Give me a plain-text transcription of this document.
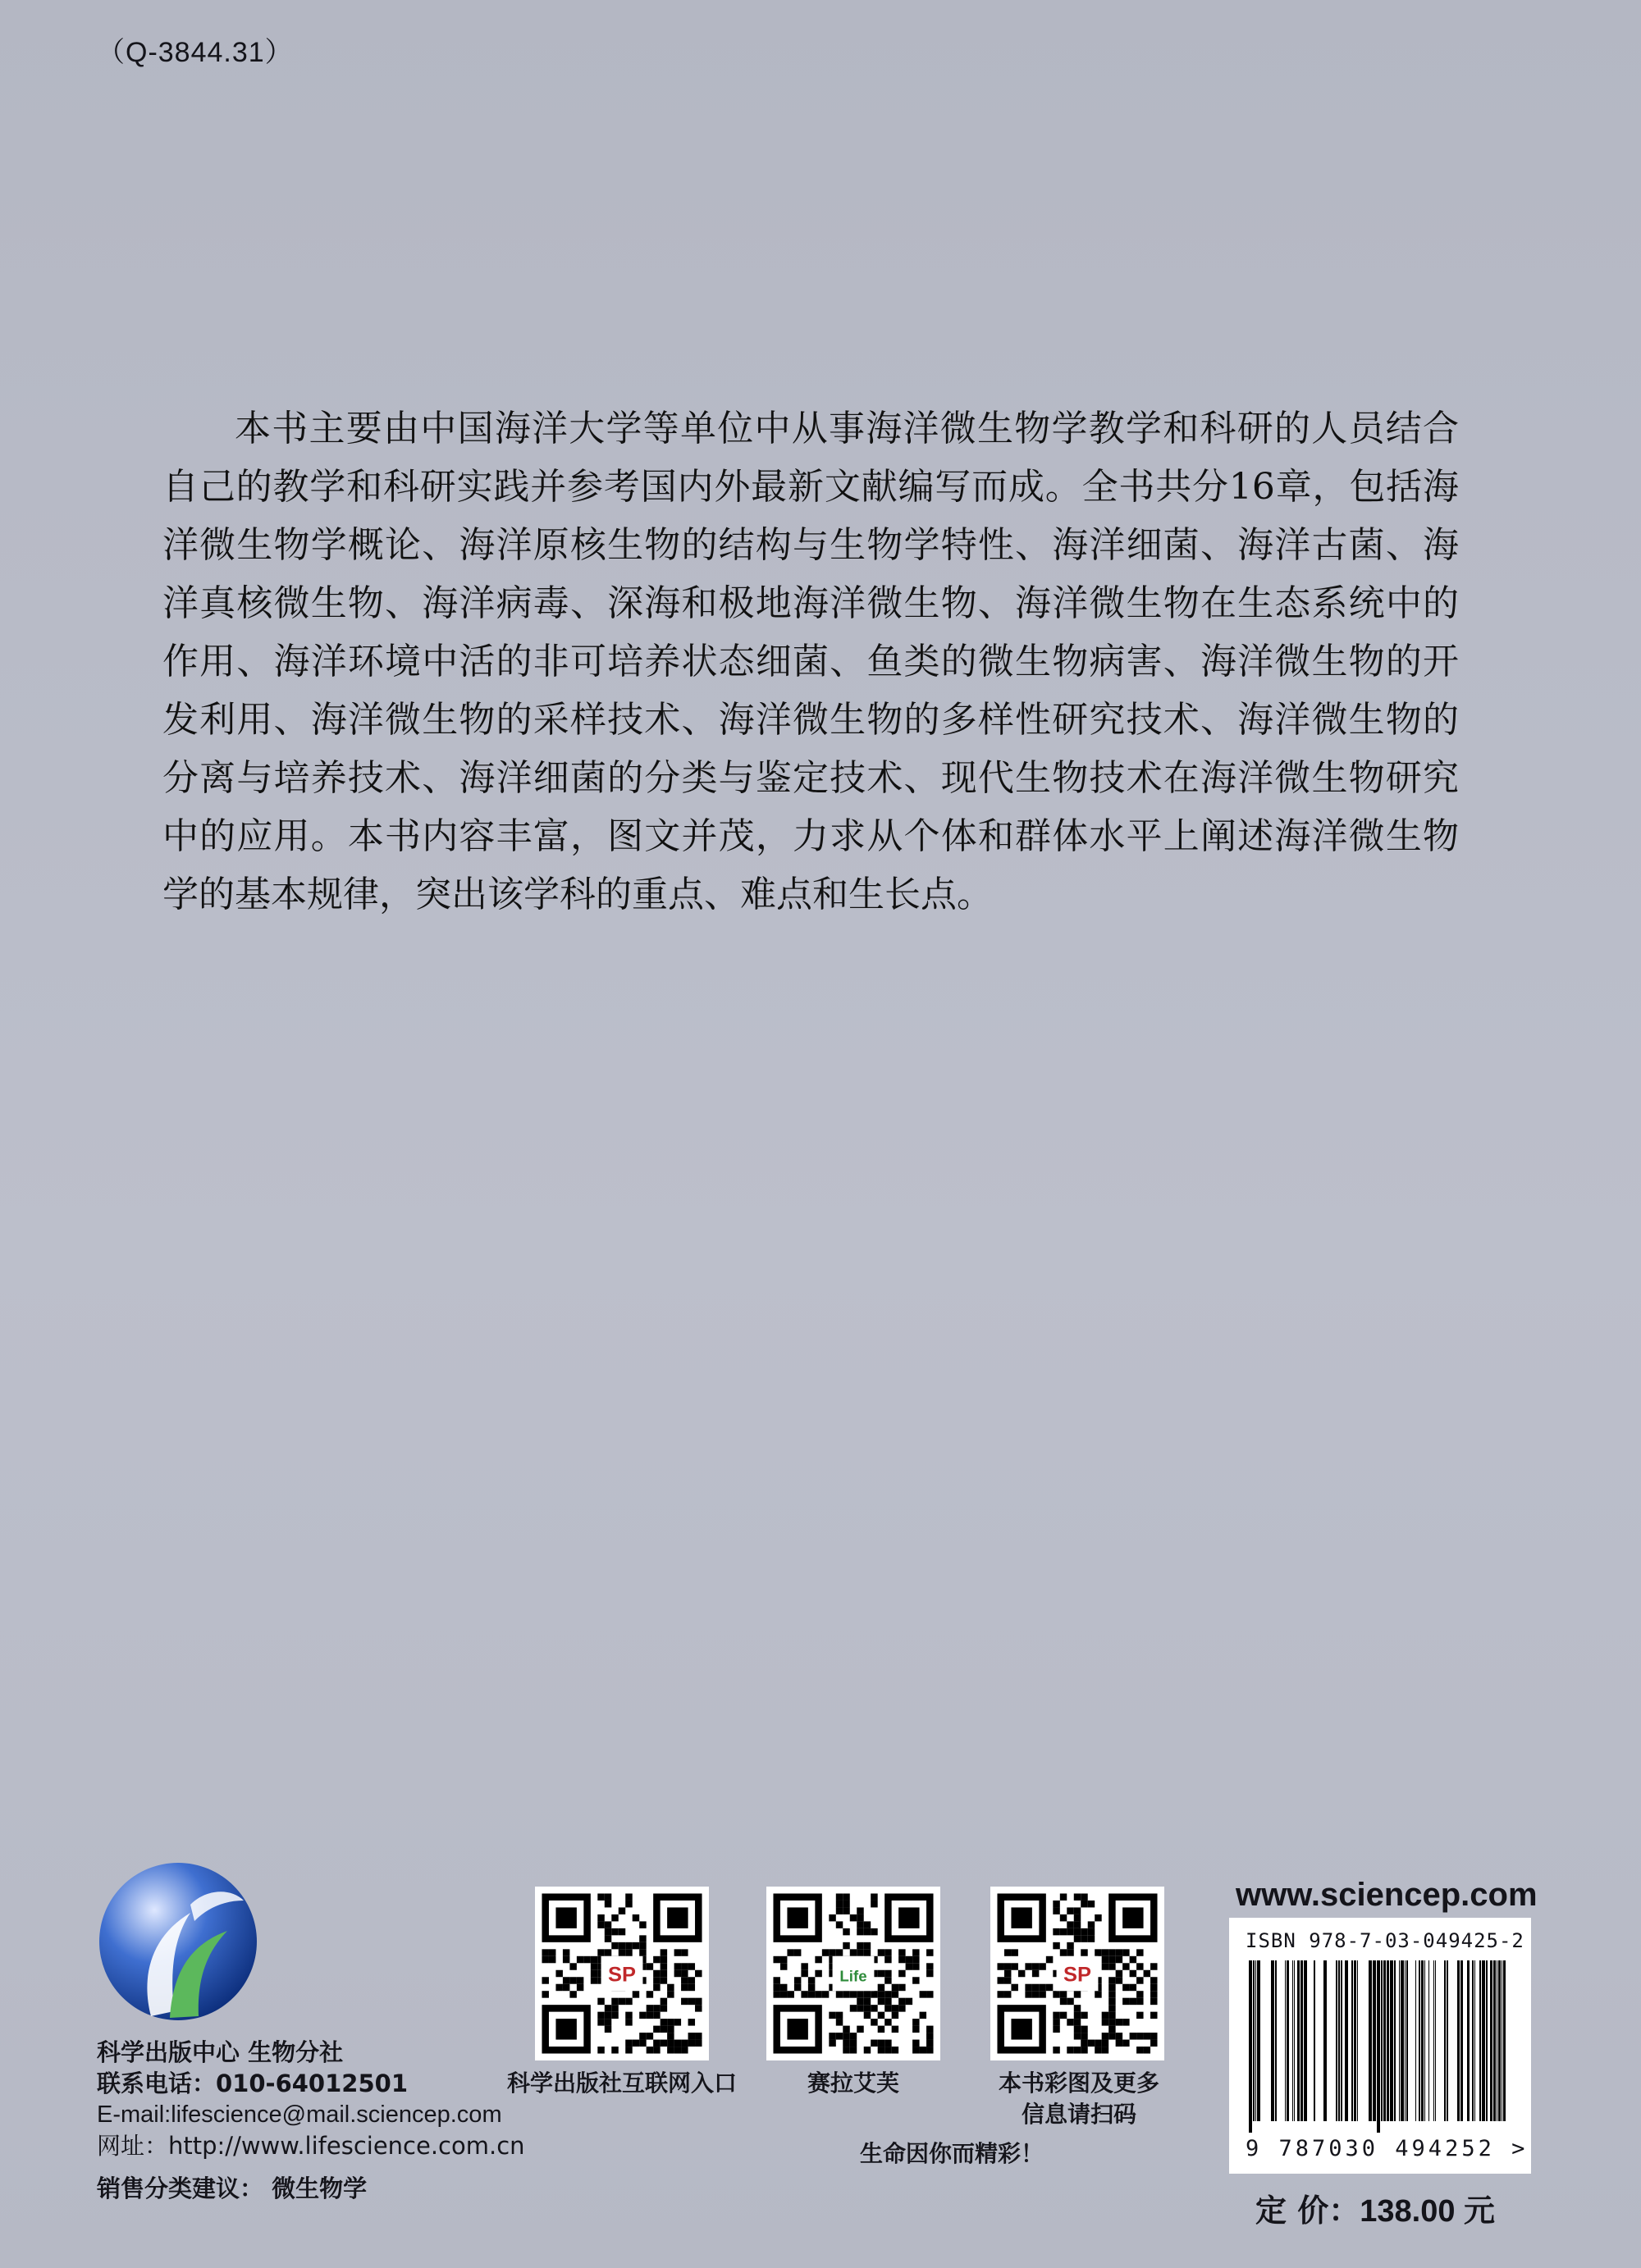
（Q-3844.31）

本书主要由中国海洋大学等单位中从事海洋微生物学教学和科研的人员结合自己的教学和科研实践并参考国内外最新文献编写而成。全书共分16章，包括海洋微生物学概论、海洋原核生物的结构与生物学特性、海洋细菌、海洋古菌、海洋真核微生物、海洋病毒、深海和极地海洋微生物、海洋微生物在生态系统中的作用、海洋环境中活的非可培养状态细菌、鱼类的微生物病害、海洋微生物的开发利用、海洋微生物的采样技术、海洋微生物的多样性研究技术、海洋微生物的分离与培养技术、海洋细菌的分类与鉴定技术、现代生物技术在海洋微生物研究中的应用。本书内容丰富，图文并茂，力求从个体和群体水平上阐述海洋微生物学的基本规律，突出该学科的重点、难点和生长点。

科学出版中心 生物分社
联系电话：010-64012501
E-mail:lifescience@mail.sciencep.com
网址：http://www.lifescience.com.cn
销售分类建议： 微生物学
SP	Life	SP
科学出版社互联网入口	赛拉艾芙	本书彩图及更多
信息请扫码
生命因你而精彩！
www.sciencep.com
ISBN 978-7-03-049425-2
9 787030 494252 >
定 价：138.00 元
